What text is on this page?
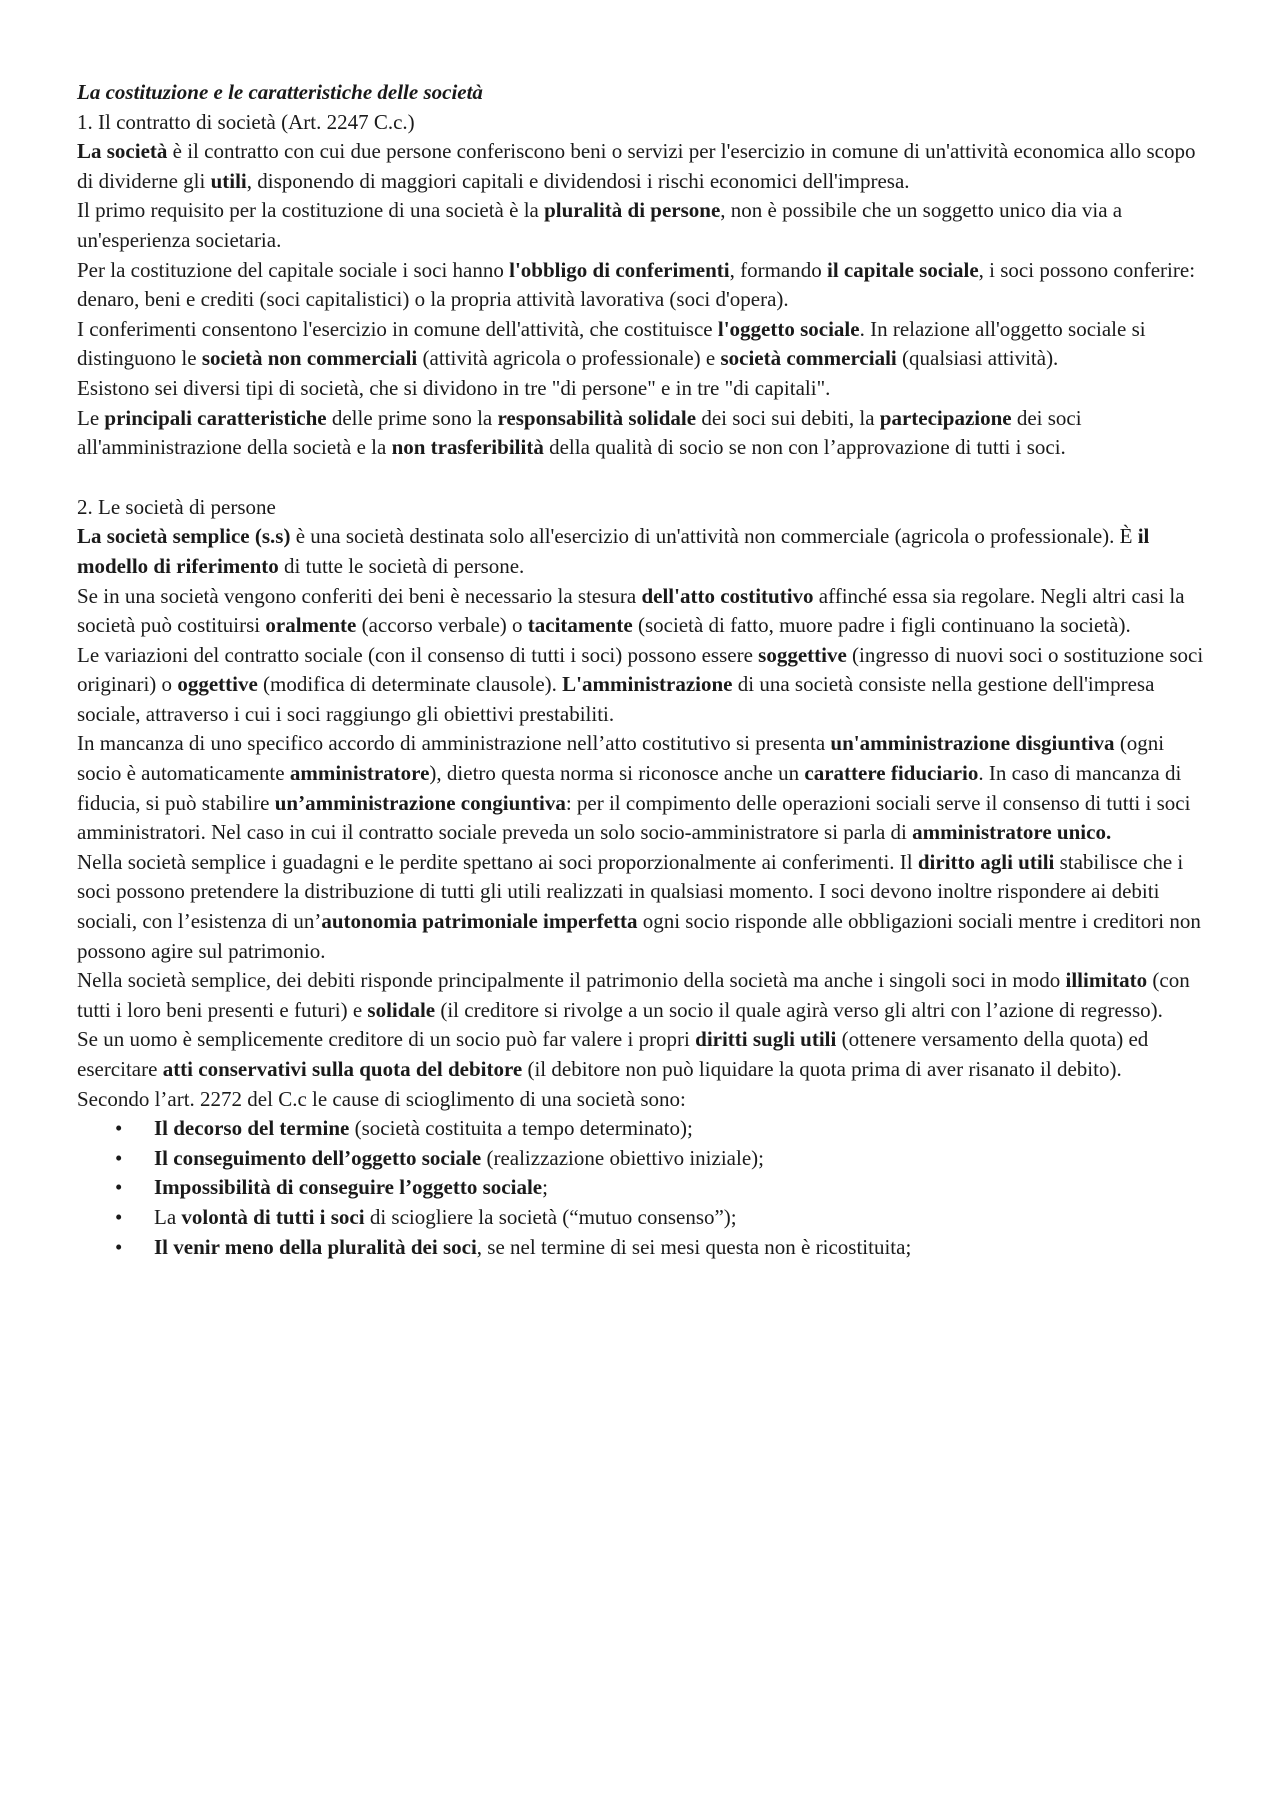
La costituzione e le caratteristiche delle società

1. Il contratto di società (Art. 2247 C.c.)

La società è il contratto con cui due persone conferiscono beni o servizi per l'esercizio in comune di un'attività economica allo scopo di dividerne gli utili, disponendo di maggiori capitali e dividendosi i rischi economici dell'impresa.

Il primo requisito per la costituzione di una società è la pluralità di persone, non è possibile che un soggetto unico dia via a un'esperienza societaria.

Per la costituzione del capitale sociale i soci hanno l'obbligo di conferimenti, formando il capitale sociale, i soci possono conferire: denaro, beni e crediti (soci capitalistici) o la propria attività lavorativa (soci d'opera).

I conferimenti consentono l'esercizio in comune dell'attività, che costituisce l'oggetto sociale. In relazione all'oggetto sociale si distinguono le società non commerciali (attività agricola o professionale) e società commerciali (qualsiasi attività).

Esistono sei diversi tipi di società, che si dividono in tre "di persone" e in tre "di capitali".

Le principali caratteristiche delle prime sono la responsabilità solidale dei soci sui debiti, la partecipazione dei soci all'amministrazione della società e la non trasferibilità della qualità di socio se non con l’approvazione di tutti i soci.

2. Le società di persone

La società semplice (s.s) è una società destinata solo all'esercizio di un'attività non commerciale (agricola o professionale). È il modello di riferimento di tutte le società di persone.

Se in una società vengono conferiti dei beni è necessario la stesura dell'atto costitutivo affinché essa sia regolare. Negli altri casi la società può costituirsi oralmente (accorso verbale) o tacitamente (società di fatto, muore padre i figli continuano la società).

Le variazioni del contratto sociale (con il consenso di tutti i soci) possono essere soggettive (ingresso di nuovi soci o sostituzione soci originari) o oggettive (modifica di determinate clausole). L'amministrazione di una società consiste nella gestione dell'impresa sociale, attraverso i cui i soci raggiungo gli obiettivi prestabiliti.

In mancanza di uno specifico accordo di amministrazione nell’atto costitutivo si presenta un'amministrazione disgiuntiva (ogni socio è automaticamente amministratore), dietro questa norma si riconosce anche un carattere fiduciario. In caso di mancanza di fiducia, si può stabilire un’amministrazione congiuntiva: per il compimento delle operazioni sociali serve il consenso di tutti i soci amministratori. Nel caso in cui il contratto sociale preveda un solo socio-amministratore si parla di amministratore unico.

Nella società semplice i guadagni e le perdite spettano ai soci proporzionalmente ai conferimenti. Il diritto agli utili stabilisce che i soci possono pretendere la distribuzione di tutti gli utili realizzati in qualsiasi momento. I soci devono inoltre rispondere ai debiti sociali, con l’esistenza di un’autonomia patrimoniale imperfetta ogni socio risponde alle obbligazioni sociali mentre i creditori non possono agire sul patrimonio.

Nella società semplice, dei debiti risponde principalmente il patrimonio della società ma anche i singoli soci in modo illimitato (con tutti i loro beni presenti e futuri) e solidale (il creditore si rivolge a un socio il quale agirà verso gli altri con l’azione di regresso).

Se un uomo è semplicemente creditore di un socio può far valere i propri diritti sugli utili (ottenere versamento della quota) ed esercitare atti conservativi sulla quota del debitore (il debitore non può liquidare la quota prima di aver risanato il debito).

Secondo l’art. 2272 del C.c le cause di scioglimento di una società sono:

• Il decorso del termine (società costituita a tempo determinato);
• Il conseguimento dell’oggetto sociale (realizzazione obiettivo iniziale);
• Impossibilità di conseguire l’oggetto sociale;
• La volontà di tutti i soci di sciogliere la società (“mutuo consenso”);
• Il venir meno della pluralità dei soci, se nel termine di sei mesi questa non è ricostituita;
